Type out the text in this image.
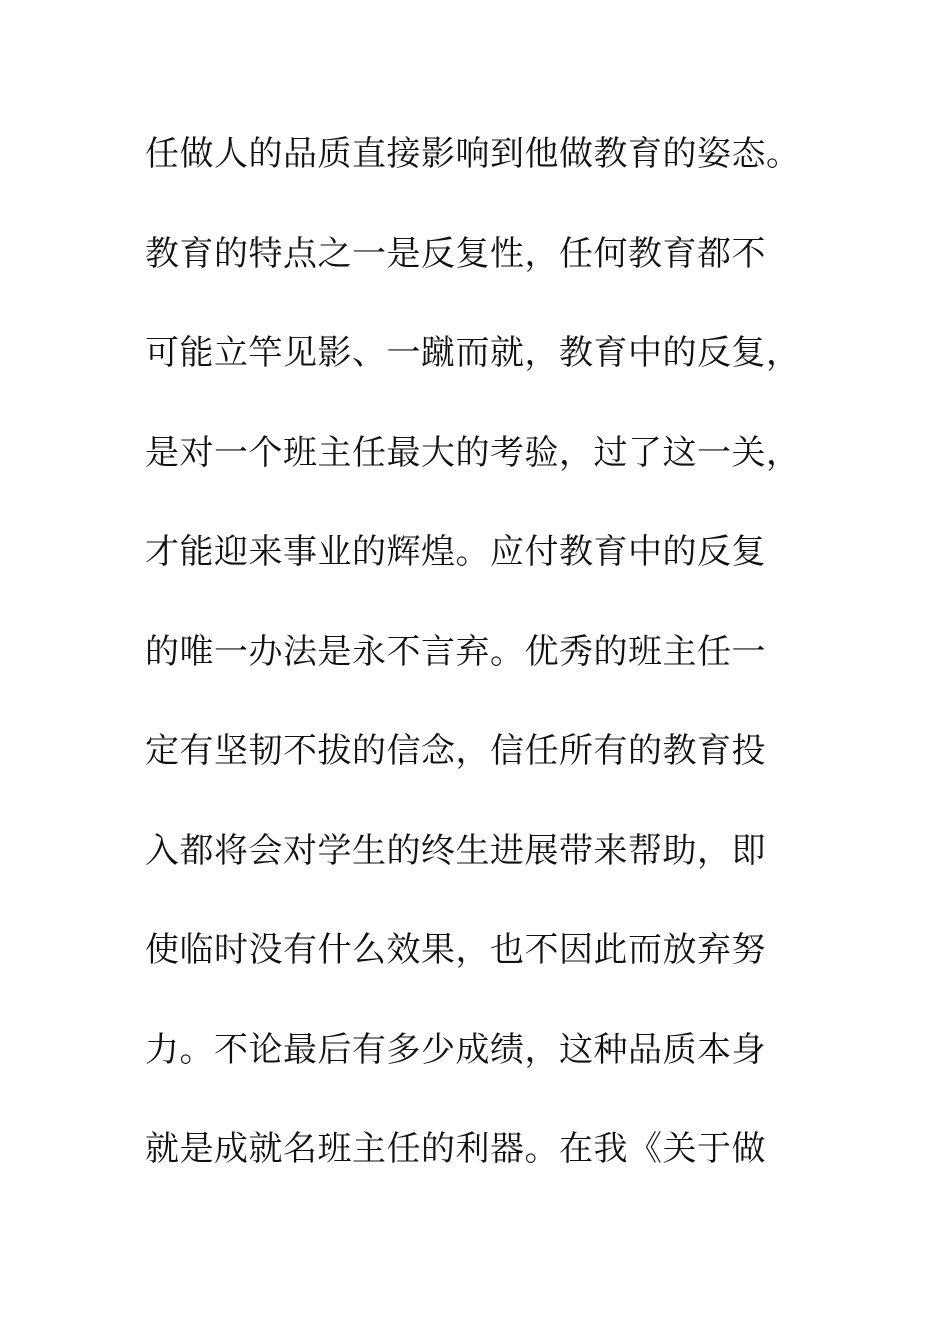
任做人的品质直接影响到他做教育的姿态。
教育的特点之一是反复性，任何教育都不
可能立竿见影、一蹴而就，教育中的反复，
是对一个班主任最大的考验，过了这一关，
才能迎来事业的辉煌。应付教育中的反复
的唯一办法是永不言弃。优秀的班主任一
定有坚韧不拔的信念，信任所有的教育投
入都将会对学生的终生进展带来帮助，即
使临时没有什么效果，也不因此而放弃努
力。不论最后有多少成绩，这种品质本身
就是成就名班主任的利器。在我《关于做
